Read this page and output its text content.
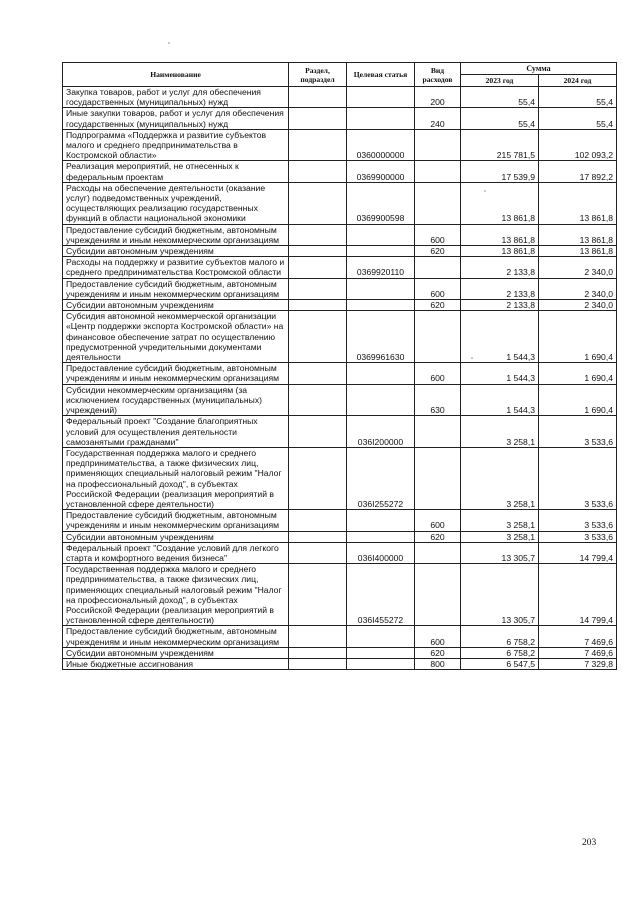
Наименование	Раздел, подраздел	Целевая статья	Вид расходов	Сумма	
				2023 год	2024 год
Закупка товаров, работ и услуг для обеспечения государственных (муниципальных) нужд			200	55,4	55,4
Иные закупки товаров, работ и услуг для обеспечения государственных (муниципальных) нужд			240	55,4	55,4
Подпрограмма «Поддержка и развитие субъектов малого и среднего предпринимательства в Костромской области»		0360000000		215 781,5	102 093,2
Реализация мероприятий, не отнесенных к федеральным проектам		0369900000		17 539,9	17 892,2
Расходы на обеспечение деятельности (оказание услуг) подведомственных учреждений, осуществляющих реализацию государственных функций в области национальной экономики		0369900598		13 861,8	13 861,8
Предоставление субсидий бюджетным, автономным учреждениям и иным некоммерческим организациям			600	13 861,8	13 861,8
Субсидии автономным учреждениям			620	13 861,8	13 861,8
Расходы на поддержку и развитие субъектов малого и среднего предпринимательства Костромской области		0369920110		2 133,8	2 340,0
Предоставление субсидий бюджетным, автономным учреждениям и иным некоммерческим организациям			600	2 133,8	2 340,0
Субсидии автономным учреждениям			620	2 133,8	2 340,0
Субсидия автономной некоммерческой организации «Центр поддержки экспорта Костромской области» на финансовое обеспечение затрат по осуществлению предусмотренной учредительными документами деятельности		0369961630		1 544,3	1 690,4
Предоставление субсидий бюджетным, автономным учреждениям и иным некоммерческим организациям			600	1 544,3	1 690,4
Субсидии некоммерческим организациям (за исключением государственных (муниципальных) учреждений)			630	1 544,3	1 690,4
Федеральный проект "Создание благоприятных условий для осуществления деятельности самозанятыми гражданами"		036I200000		3 258,1	3 533,6
Государственная поддержка малого и среднего предпринимательства, а также физических лиц, применяющих специальный налоговый режим "Налог на профессиональный доход", в субъектах Российской Федерации (реализация мероприятий в установленной сфере деятельности)		036I255272		3 258,1	3 533,6
Предоставление субсидий бюджетным, автономным учреждениям и иным некоммерческим организациям			600	3 258,1	3 533,6
Субсидии автономным учреждениям			620	3 258,1	3 533,6
Федеральный проект "Создание условий для легкого старта и комфортного ведения бизнеса"		036I400000		13 305,7	14 799,4
Государственная поддержка малого и среднего предпринимательства, а также физических лиц, применяющих специальный налоговый режим "Налог на профессиональный доход", в субъектах Российской Федерации (реализация мероприятий в установленной сфере деятельности)		036I455272		13 305,7	14 799,4
Предоставление субсидий бюджетным, автономным учреждениям и иным некоммерческим организациям			600	6 758,2	7 469,6
Субсидии автономным учреждениям			620	6 758,2	7 469,6
Иные бюджетные ассигнования			800	6 547,5	7 329,8
203
